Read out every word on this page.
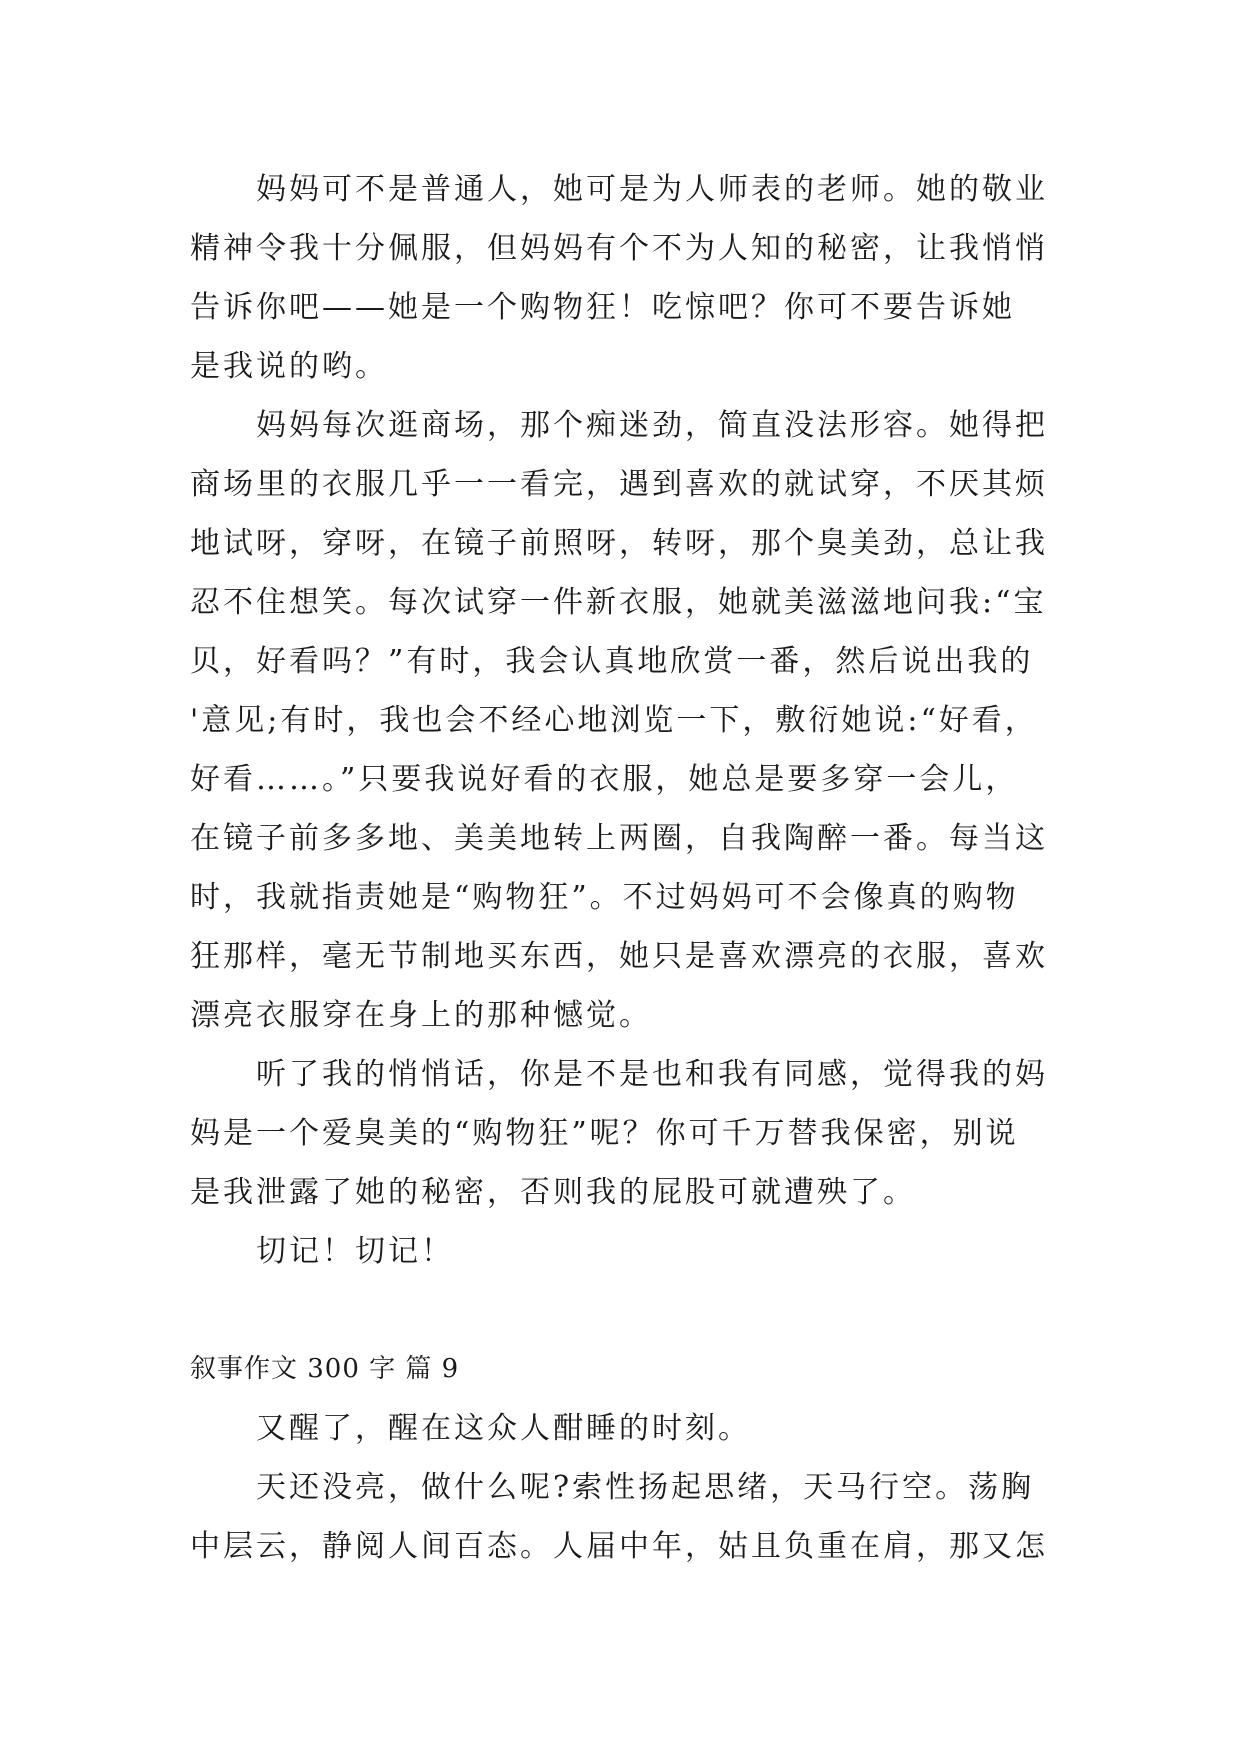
妈妈可不是普通人，她可是为人师表的老师。她的敬业
精神令我十分佩服，但妈妈有个不为人知的秘密，让我悄悄
告诉你吧——她是一个购物狂！吃惊吧？你可不要告诉她
是我说的哟。
妈妈每次逛商场，那个痴迷劲，简直没法形容。她得把
商场里的衣服几乎一一看完，遇到喜欢的就试穿，不厌其烦
地试呀，穿呀，在镜子前照呀，转呀，那个臭美劲，总让我
忍不住想笑。每次试穿一件新衣服，她就美滋滋地问我:“宝
贝，好看吗？”有时，我会认真地欣赏一番，然后说出我的
'意见;有时，我也会不经心地浏览一下，敷衍她说:“好看，
好看……。”只要我说好看的衣服，她总是要多穿一会儿，
在镜子前多多地、美美地转上两圈，自我陶醉一番。每当这
时，我就指责她是“购物狂”。不过妈妈可不会像真的购物
狂那样，毫无节制地买东西，她只是喜欢漂亮的衣服，喜欢
漂亮衣服穿在身上的那种憾觉。
听了我的悄悄话，你是不是也和我有同感，觉得我的妈
妈是一个爱臭美的“购物狂”呢？你可千万替我保密，别说
是我泄露了她的秘密，否则我的屁股可就遭殃了。
切记！切记！
叙事作文 300 字 篇 9
又醒了，醒在这众人酣睡的时刻。
天还没亮，做什么呢?索性扬起思绪，天马行空。荡胸
中层云，静阅人间百态。人届中年，姑且负重在肩，那又怎
